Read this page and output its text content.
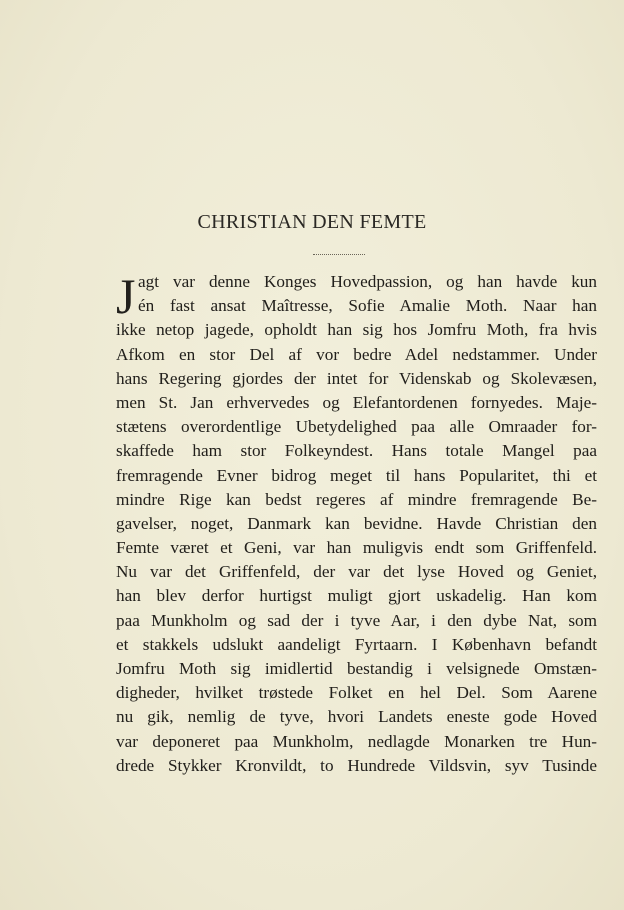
CHRISTIAN DEN FEMTE
J agt var denne Konges Hovedpassion, og han havde kun
én fast ansat Maîtresse, Sofie Amalie Moth. Naar han
ikke netop jagede, opholdt han sig hos Jomfru Moth, fra hvis
Afkom en stor Del af vor bedre Adel nedstammer. Under
hans Regering gjordes der intet for Videnskab og Skolevæsen,
men St. Jan erhvervedes og Elefantordenen fornyedes. Maje-
stætens overordentlige Ubetydelighed paa alle Omraader for-
skaffede ham stor Folkeyndest. Hans totale Mangel paa
fremragende Evner bidrog meget til hans Popularitet, thi et
mindre Rige kan bedst regeres af mindre fremragende Be-
gavelser, noget, Danmark kan bevidne. Havde Christian den
Femte været et Geni, var han muligvis endt som Griffenfeld.
Nu var det Griffenfeld, der var det lyse Hoved og Geniet,
han blev derfor hurtigst muligt gjort uskadelig. Han kom
paa Munkholm og sad der i tyve Aar, i den dybe Nat, som
et stakkels udslukt aandeligt Fyrtaarn. I København befandt
Jomfru Moth sig imidlertid bestandig i velsignede Omstæn-
digheder, hvilket trøstede Folket en hel Del. Som Aarene
nu gik, nemlig de tyve, hvori Landets eneste gode Hoved
var deponeret paa Munkholm, nedlagde Monarken tre Hun-
drede Stykker Kronvildt, to Hundrede Vildsvin, syv Tusinde
